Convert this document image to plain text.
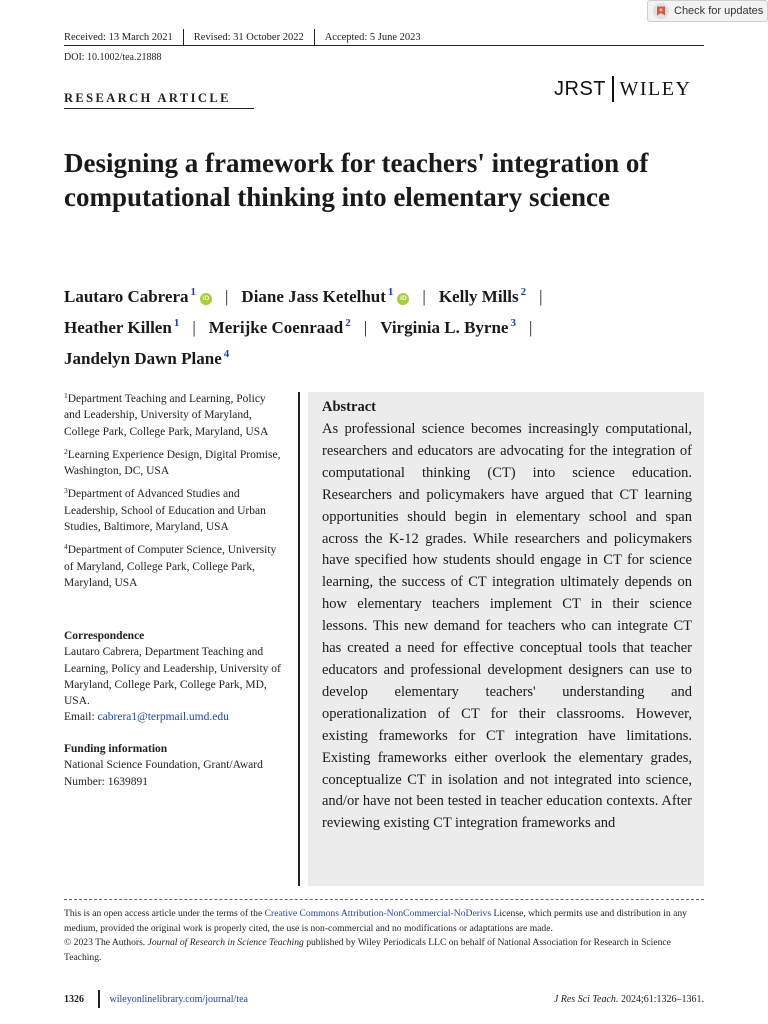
Check for updates
Received: 13 March 2021 Revised: 31 October 2022 Accepted: 5 June 2023
DOI: 10.1002/tea.21888
RESEARCH ARTICLE	JRST WILEY
Designing a framework for teachers' integration of computational thinking into elementary science
Lautaro Cabrera $^1$iD | Diane Jass Ketelhut $^1$iD | Kelly Mills $^2$ |
Heather Killen $^1$ | Merijke Coenraad $^2$ | Virginia L. Byrne $^3$ |
Jandelyn Dawn Plane $^4$

$^1$Department Teaching and Learning, Policy and Leadership, University of Maryland, College Park, College Park, Maryland, USA

$^2$Learning Experience Design, Digital Promise, Washington, DC, USA

$^3$Department of Advanced Studies and Leadership, School of Education and Urban Studies, Baltimore, Maryland, USA

$^4$Department of Computer Science, University of Maryland, College Park, College Park, Maryland, USA

Correspondence
Lautaro Cabrera, Department Teaching and Learning, Policy and Leadership, University of Maryland, College Park, College Park, MD, USA.
Email: cabrera1@terpmail.umd.edu
Funding information
National Science Foundation, Grant/Award Number: 1639891
Abstract
As professional science becomes increasingly computational, researchers and educators are advocating for the integration of computational thinking (CT) into science education. Researchers and policymakers have argued that CT learning opportunities should begin in elementary school and span across the K-12 grades. While researchers and policymakers have specified how students should engage in CT for science learning, the success of CT integration ultimately depends on how elementary teachers implement CT in their science lessons. This new demand for teachers who can integrate CT has created a need for effective conceptual tools that teacher educators and professional development designers can use to develop elementary teachers' understanding and operationalization of CT for their classrooms. However, existing frameworks for CT integration have limitations. Existing frameworks either overlook the elementary grades, conceptualize CT in isolation and not integrated into science, and/or have not been tested in teacher education contexts. After reviewing existing CT integration frameworks and
This is an open access article under the terms of the Creative Commons Attribution-NonCommercial-NoDerivs License, which permits use and distribution in any medium, provided the original work is properly cited, the use is non-commercial and no modifications or adaptations are made.
© 2023 The Authors. Journal of Research in Science Teaching published by Wiley Periodicals LLC on behalf of National Association for Research in Science Teaching.
1326	wileyonlinelibrary.com/journal/tea	J Res Sci Teach. 2024;61:1326–1361.
